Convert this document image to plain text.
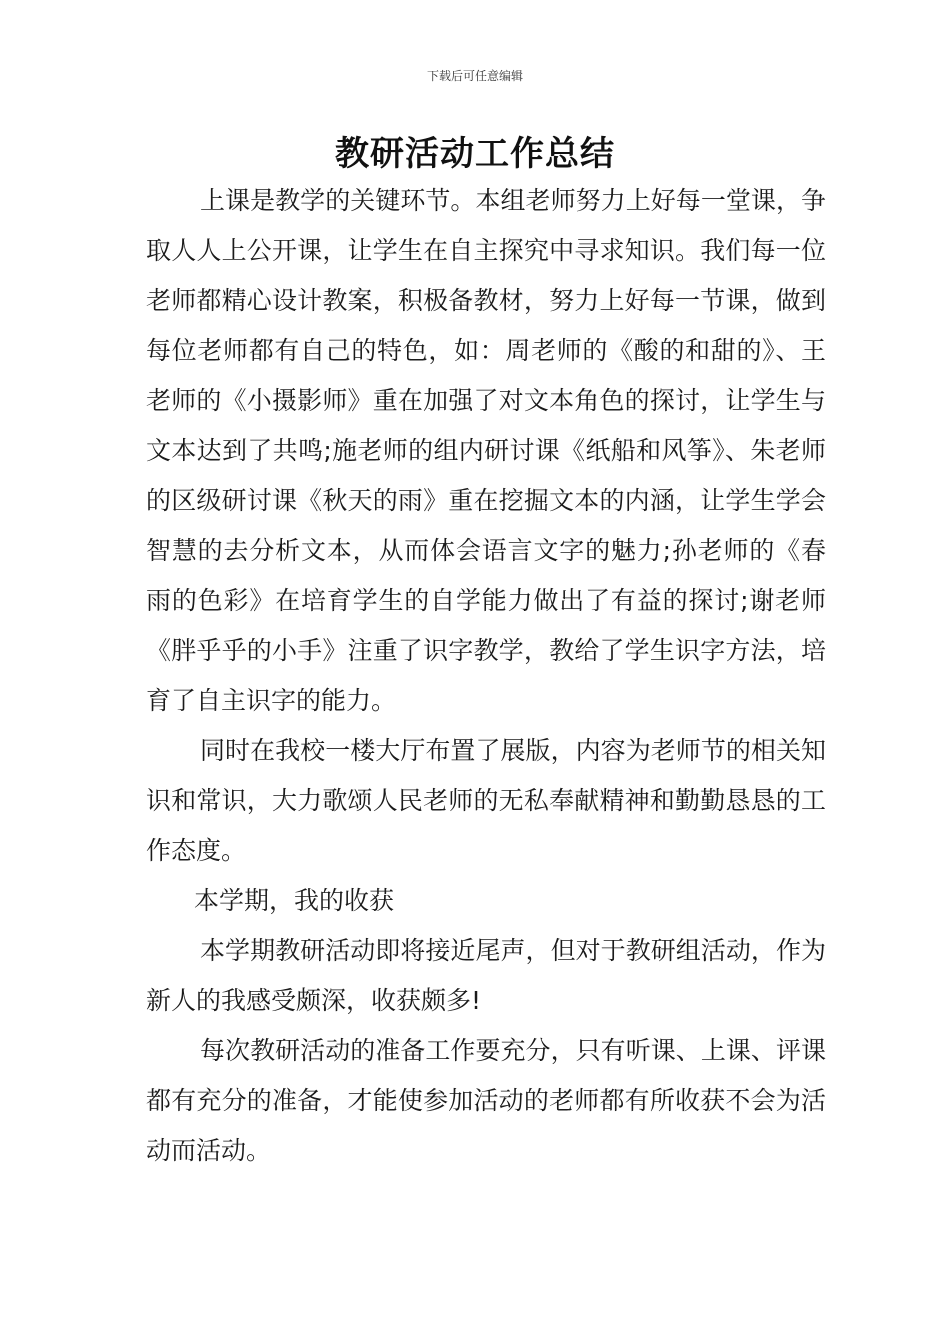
下载后可任意编辑
教研活动工作总结

上课是教学的关键环节。本组老师努力上好每一堂课，争取人人上公开课，让学生在自主探究中寻求知识。我们每一位老师都精心设计教案，积极备教材，努力上好每一节课，做到每位老师都有自己的特色，如：周老师的《酸的和甜的》、王老师的《小摄影师》重在加强了对文本角色的探讨，让学生与文本达到了共鸣;施老师的组内研讨课《纸船和风筝》、朱老师的区级研讨课《秋天的雨》重在挖掘文本的内涵，让学生学会智慧的去分析文本，从而体会语言文字的魅力;孙老师的《春雨的色彩》在培育学生的自学能力做出了有益的探讨;谢老师《胖乎乎的小手》注重了识字教学，教给了学生识字方法，培育了自主识字的能力。

同时在我校一楼大厅布置了展版，内容为老师节的相关知识和常识，大力歌颂人民老师的无私奉献精神和勤勤恳恳的工作态度。

本学期，我的收获

本学期教研活动即将接近尾声，但对于教研组活动，作为新人的我感受颇深，收获颇多!

每次教研活动的准备工作要充分，只有听课、上课、评课都有充分的准备，才能使参加活动的老师都有所收获不会为活动而活动。
